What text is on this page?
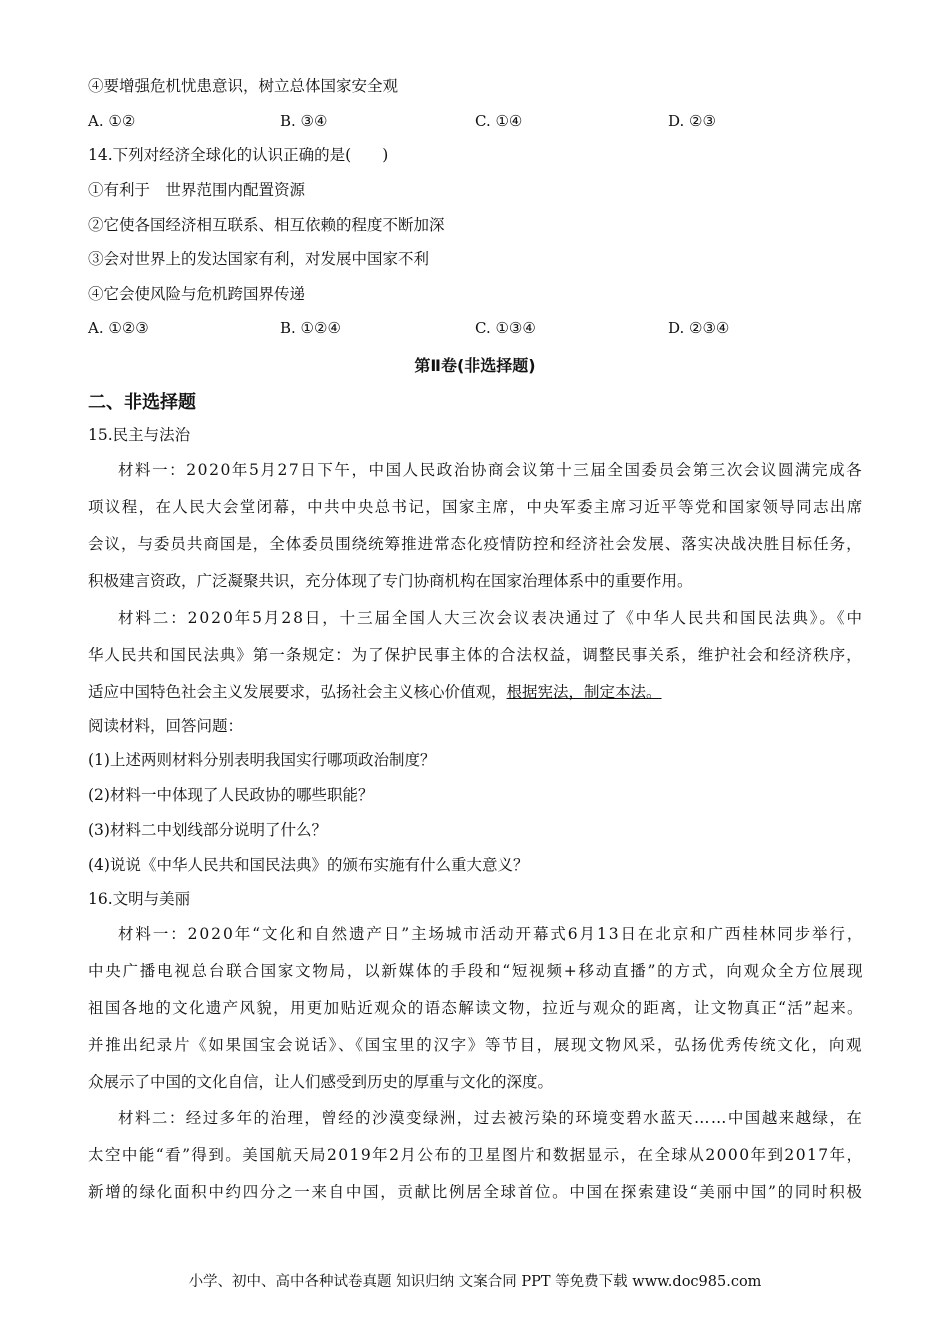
④要增强危机忧患意识，树立总体国家安全观
A. ①②	B. ③④	C. ①④	D. ②③
14.下列对经济全球化的认识正确的是(　　)
①有利于　世界范围内配置资源
②它使各国经济相互联系、相互依赖的程度不断加深
③会对世界上的发达国家有利，对发展中国家不利
④它会使风险与危机跨国界传递
A. ①②③	B. ①②④	C. ①③④	D. ②③④
第Ⅱ卷(非选择题)
二、非选择题
15.民主与法治
材料一：2020年5月27日下午，中国人民政治协商会议第十三届全国委员会第三次会议圆满完成各
项议程，在人民大会堂闭幕，中共中央总书记，国家主席，中央军委主席习近平等党和国家领导同志出席
会议，与委员共商国是，全体委员围绕统筹推进常态化疫情防控和经济社会发展、落实决战决胜目标任务，
积极建言资政，广泛凝聚共识，充分体现了专门协商机构在国家治理体系中的重要作用。
材料二：2020年5月28日，十三届全国人大三次会议表决通过了《中华人民共和国民法典》。《中
华人民共和国民法典》第一条规定：为了保护民事主体的合法权益，调整民事关系，维护社会和经济秩序，
适应中国特色社会主义发展要求，弘扬社会主义核心价值观，根据宪法，制定本法。
阅读材料，回答问题：
(1)上述两则材料分别表明我国实行哪项政治制度？
(2)材料一中体现了人民政协的哪些职能？
(3)材料二中划线部分说明了什么？
(4)说说《中华人民共和国民法典》的颁布实施有什么重大意义？
16.文明与美丽
材料一：2020年“文化和自然遗产日”主场城市活动开幕式6月13日在北京和广西桂林同步举行，
中央广播电视总台联合国家文物局，以新媒体的手段和“短视频+移动直播”的方式，向观众全方位展现
祖国各地的文化遗产风貌，用更加贴近观众的语态解读文物，拉近与观众的距离，让文物真正“活”起来。
并推出纪录片《如果国宝会说话》、《国宝里的汉字》等节目，展现文物风采，弘扬优秀传统文化，向观
众展示了中国的文化自信，让人们感受到历史的厚重与文化的深度。
材料二：经过多年的治理，曾经的沙漠变绿洲，过去被污染的环境变碧水蓝天……中国越来越绿，在
太空中能“看”得到。美国航天局2019年2月公布的卫星图片和数据显示，在全球从2000年到2017年，
新增的绿化面积中约四分之一来自中国，贡献比例居全球首位。中国在探索建设“美丽中国”的同时积极
小学、初中、高中各种试卷真题 知识归纳 文案合同 PPT 等免费下载 www.doc985.com
